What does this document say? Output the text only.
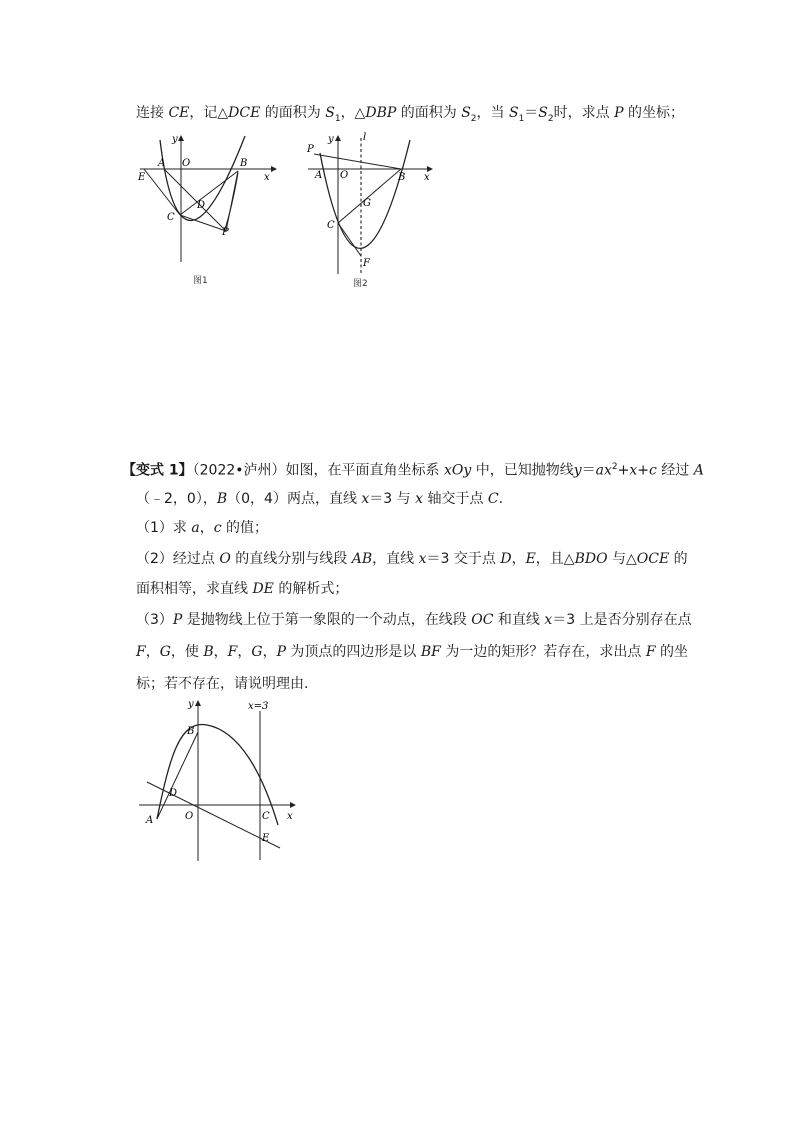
连接 CE，记△DCE 的面积为 $S_1$，△DBP 的面积为 $S_2$，当 $S_1=S_2$时，求点 P 的坐标；
y
x
O
A	B
E
C
D
P
图1
y
x
l
P
A O	B
G
C
F
图2
【变式 1】（2022•泸州）如图，在平面直角坐标系 xOy 中，已知抛物线$y=ax^2+x+c$ 经过 A
（﹣2，0），B（0，4）两点，直线 x＝3 与 x 轴交于点 C.
（1）求 a，c 的值；
（2）经过点 O 的直线分别与线段 AB，直线 x＝3 交于点 D，E，且△BDO 与△OCE 的
面积相等，求直线 DE 的解析式；
（3）P 是抛物线上位于第一象限的一个动点，在线段 OC 和直线 x＝3 上是否分别存在点
F，G，使 B，F，G，P 为顶点的四边形是以 BF 为一边的矩形？若存在，求出点 F 的坐
标；若不存在，请说明理由.
y	x=3
B
D
A	O	C
E
x
